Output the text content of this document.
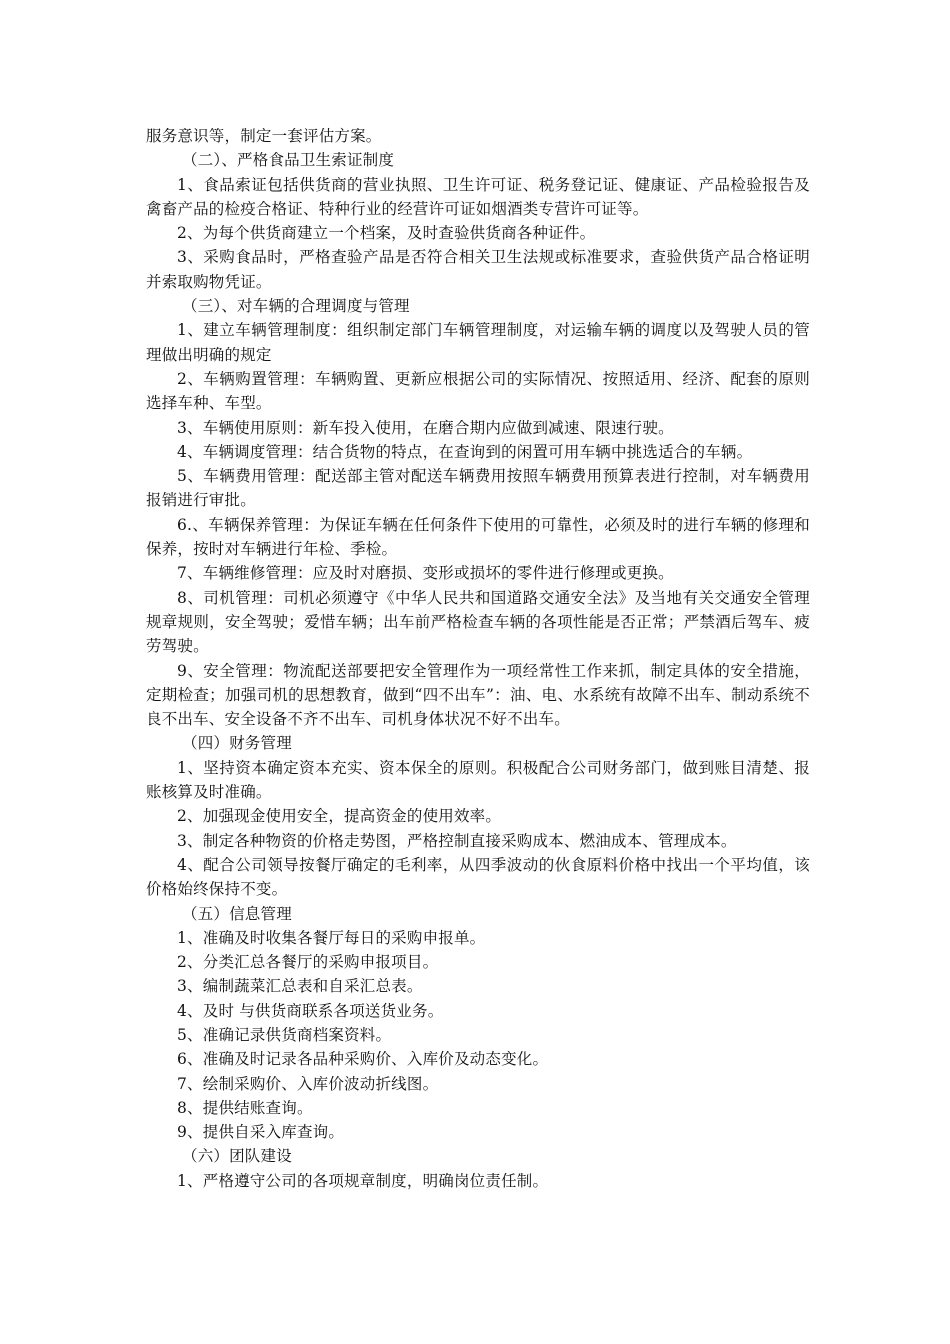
服务意识等，制定一套评估方案。

（二）、严格食品卫生索证制度

1、食品索证包括供货商的营业执照、卫生许可证、税务登记证、健康证、产品检验报告及禽畜产品的检疫合格证、特种行业的经营许可证如烟酒类专营许可证等。

2、为每个供货商建立一个档案，及时查验供货商各种证件。

3、采购食品时，严格查验产品是否符合相关卫生法规或标准要求，查验供货产品合格证明并索取购物凭证。

（三）、对车辆的合理调度与管理

1、建立车辆管理制度：组织制定部门车辆管理制度，对运输车辆的调度以及驾驶人员的管理做出明确的规定

2、车辆购置管理：车辆购置、更新应根据公司的实际情况、按照适用、经济、配套的原则选择车种、车型。

3、车辆使用原则：新车投入使用，在磨合期内应做到减速、限速行驶。

4、车辆调度管理：结合货物的特点，在查询到的闲置可用车辆中挑选适合的车辆。

5、车辆费用管理：配送部主管对配送车辆费用按照车辆费用预算表进行控制，对车辆费用报销进行审批。

6.、车辆保养管理：为保证车辆在任何条件下使用的可靠性，必须及时的进行车辆的修理和保养，按时对车辆进行年检、季检。

7、车辆维修管理：应及时对磨损、变形或损坏的零件进行修理或更换。

8、司机管理：司机必须遵守《中华人民共和国道路交通安全法》及当地有关交通安全管理规章规则，安全驾驶；爱惜车辆；出车前严格检查车辆的各项性能是否正常；严禁酒后驾车、疲劳驾驶。

9、安全管理：物流配送部要把安全管理作为一项经常性工作来抓，制定具体的安全措施，定期检查；加强司机的思想教育，做到“四不出车”：油、电、水系统有故障不出车、制动系统不良不出车、安全设备不齐不出车、司机身体状况不好不出车。

（四）财务管理

1、坚持资本确定资本充实、资本保全的原则。积极配合公司财务部门，做到账目清楚、报账核算及时准确。

2、加强现金使用安全，提高资金的使用效率。

3、制定各种物资的价格走势图，严格控制直接采购成本、燃油成本、管理成本。

4、配合公司领导按餐厅确定的毛利率，从四季波动的伙食原料价格中找出一个平均值，该价格始终保持不变。

（五）信息管理

1、准确及时收集各餐厅每日的采购申报单。

2、分类汇总各餐厅的采购申报项目。

3、编制蔬菜汇总表和自采汇总表。

4、及时 与供货商联系各项送货业务。

5、准确记录供货商档案资料。

6、准确及时记录各品种采购价、入库价及动态变化。

7、绘制采购价、入库价波动折线图。

8、提供结账查询。

9、提供自采入库查询。

（六）团队建设

1、严格遵守公司的各项规章制度，明确岗位责任制。
